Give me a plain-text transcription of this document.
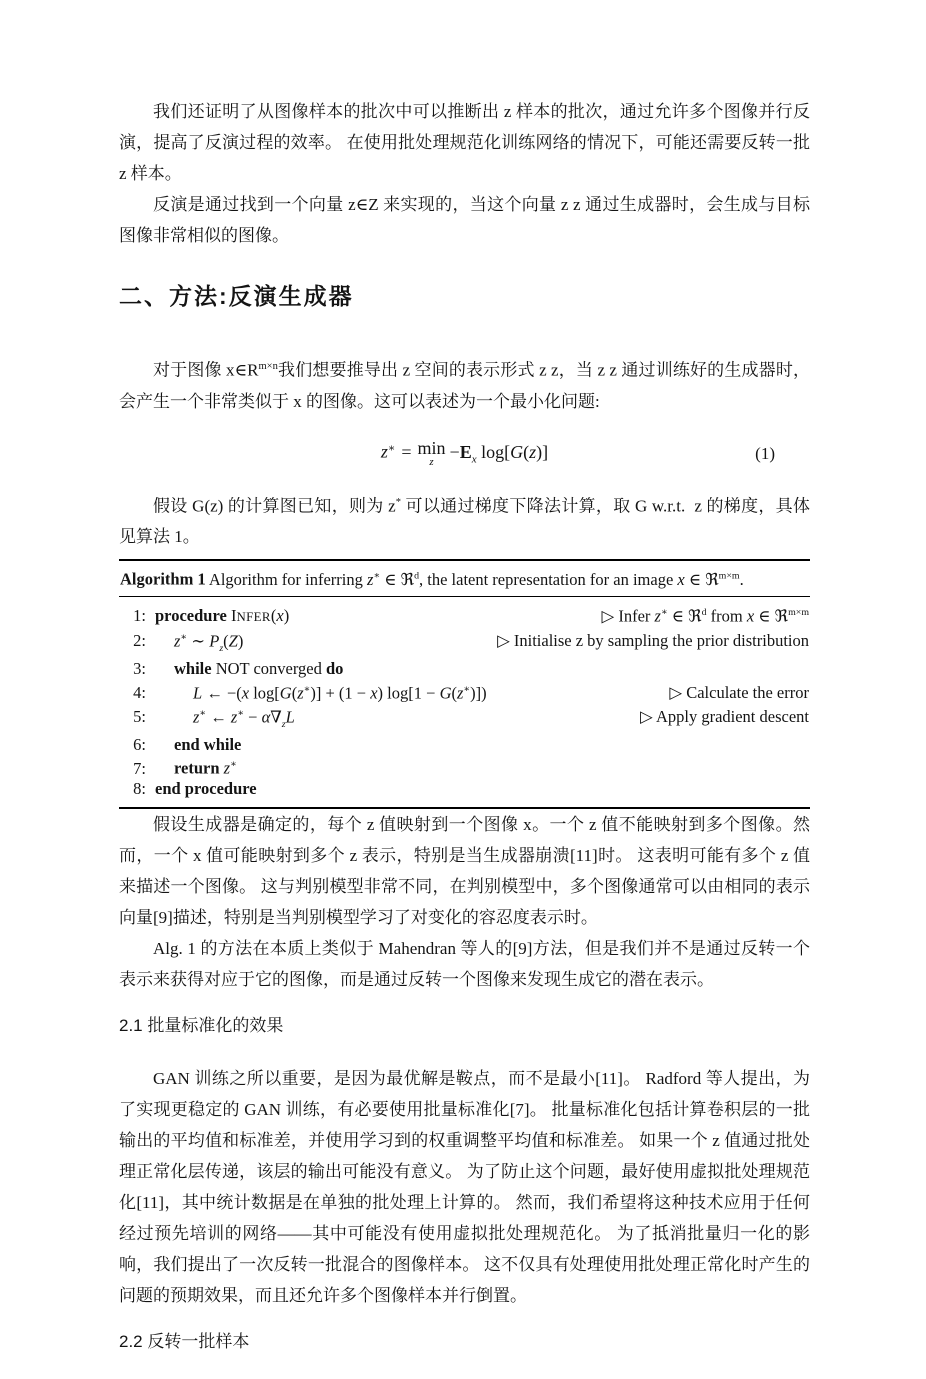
我们还证明了从图像样本的批次中可以推断出 z 样本的批次，通过允许多个图像并行反演，提高了反演过程的效率。 在使用批处理规范化训练网络的情况下，可能还需要反转一批 z 样本。

反演是通过找到一个向量 z∈Z 来实现的，当这个向量 z z 通过生成器时，会生成与目标图像非常相似的图像。

二、方法:反演生成器

对于图像 $x\in R^{m\times n}$我们想要推导出 z 空间的表示形式 z z，当 z z 通过训练好的生成器时，会产生一个非常类似于 x 的图像。这可以表述为一个最小化问题:

z∗ = min
z
$-E_x$ log[G(z)]	(1)

假设 G(z) 的计算图已知，则为 z* 可以通过梯度下降法计算，取 G w.r.t.  z 的梯度，具体见算法 1。

Algorithm 1 Algorithm for inferring z∗ ∈ ℜ$^d$, the latent representation for an image x ∈ ℜ$^{m\times m}$.
1: procedure INFER(x)	▷ Infer z∗ ∈ ℜ$^d$ from x ∈ ℜ$^{m\times m}$
2: z∗ ∼ $P_z(Z)$	▷ Initialise z by sampling the prior distribution
3: while NOT converged do
4:	L ← −(x log[G(z∗)] + (1 − x) log[1 − G(z∗)])	▷ Calculate the error
5:	z∗ ← $z^∗ - \alpha\nabla_zL$	▷ Apply gradient descent
6: end while
7: return z∗
8: end procedure

假设生成器是确定的，每个 z 值映射到一个图像 x。一个 z 值不能映射到多个图像。然而，一个 x 值可能映射到多个 z 表示，特别是当生成器崩溃[11]时。 这表明可能有多个 z 值来描述一个图像。 这与判别模型非常不同，在判别模型中，多个图像通常可以由相同的表示向量[9]描述，特别是当判别模型学习了对变化的容忍度表示时。

Alg. 1 的方法在本质上类似于 Mahendran 等人的[9]方法，但是我们并不是通过反转一个表示来获得对应于它的图像，而是通过反转一个图像来发现生成它的潜在表示。

2.1 批量标准化的效果

GAN 训练之所以重要，是因为最优解是鞍点，而不是最小[11]。 Radford 等人提出，为了实现更稳定的 GAN 训练，有必要使用批量标准化[7]。 批量标准化包括计算卷积层的一批输出的平均值和标准差，并使用学习到的权重调整平均值和标准差。 如果一个 z 值通过批处理正常化层传递，该层的输出可能没有意义。 为了防止这个问题，最好使用虚拟批处理规范化[11]，其中统计数据是在单独的批处理上计算的。 然而，我们希望将这种技术应用于任何经过预先培训的网络——其中可能没有使用虚拟批处理规范化。 为了抵消批量归一化的影响，我们提出了一次反转一批混合的图像样本。 这不仅具有处理使用批处理正常化时产生的问题的预期效果，而且还允许多个图像样本并行倒置。

2.2 反转一批样本
